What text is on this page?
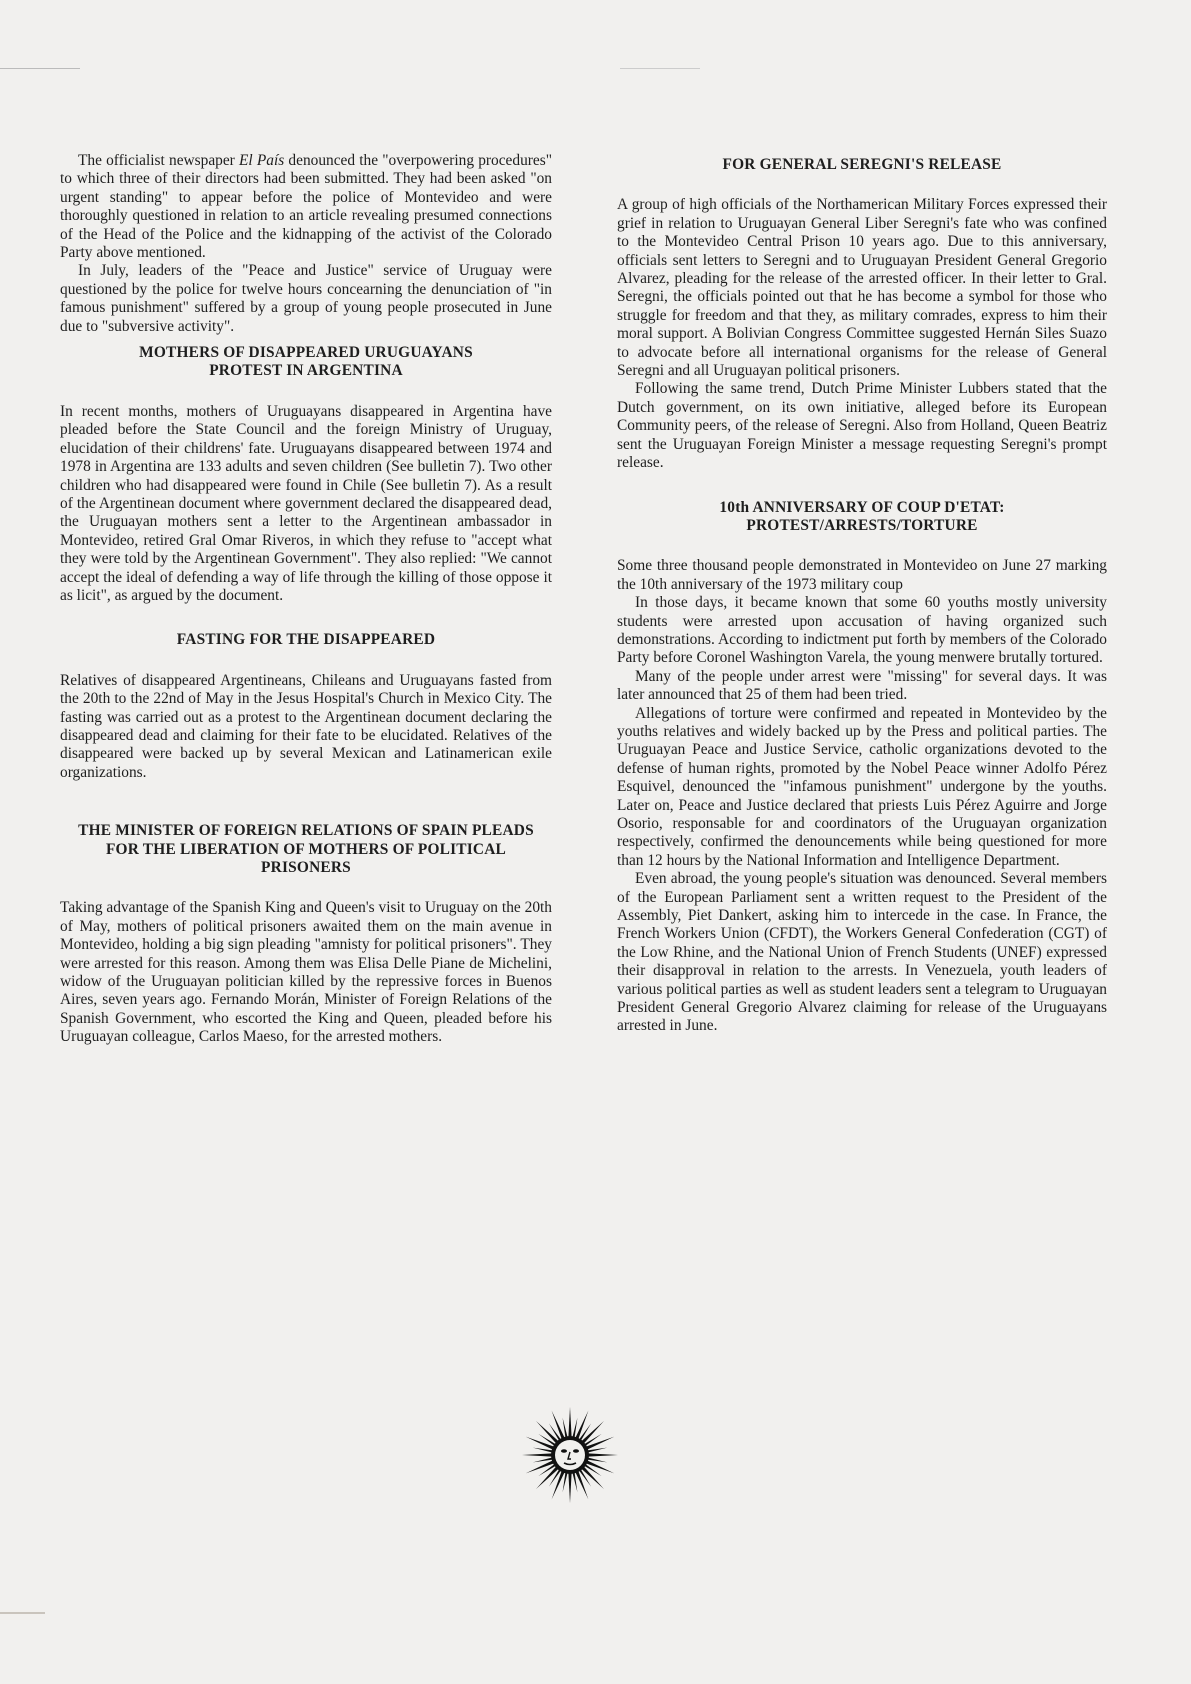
The officialist newspaper El País denounced the "overpowering procedures" to which three of their directors had been submitted. They had been asked "on urgent standing" to appear before the police of Montevideo and were thoroughly questioned in relation to an article revealing presumed connections of the Head of the Police and the kidnapping of the activist of the Colorado Party above mentioned.

In July, leaders of the "Peace and Justice" service of Uruguay were questioned by the police for twelve hours concearning the denunciation of "in famous punishment" suffered by a group of young people prosecuted in June due to "subversive activity".

MOTHERS OF DISAPPEARED URUGUAYANS PROTEST IN ARGENTINA

In recent months, mothers of Uruguayans disappeared in Argentina have pleaded before the State Council and the foreign Ministry of Uruguay, elucidation of their childrens' fate. Uruguayans disappeared between 1974 and 1978 in Argentina are 133 adults and seven children (See bulletin 7). Two other children who had disappeared were found in Chile (See bulletin 7). As a result of the Argentinean document where government declared the disappeared dead, the Uruguayan mothers sent a letter to the Argentinean ambassador in Montevideo, retired Gral Omar Riveros, in which they refuse to "accept what they were told by the Argentinean Government". They also replied: "We cannot accept the ideal of defending a way of life through the killing of those oppose it as licit", as argued by the document.

FASTING FOR THE DISAPPEARED

Relatives of disappeared Argentineans, Chileans and Uruguayans fasted from the 20th to the 22nd of May in the Jesus Hospital's Church in Mexico City. The fasting was carried out as a protest to the Argentinean document declaring the disappeared dead and claiming for their fate to be elucidated. Relatives of the disappeared were backed up by several Mexican and Latinamerican exile organizations.

THE MINISTER OF FOREIGN RELATIONS OF SPAIN PLEADS FOR THE LIBERATION OF MOTHERS OF POLITICAL PRISONERS

Taking advantage of the Spanish King and Queen's visit to Uruguay on the 20th of May, mothers of political prisoners awaited them on the main avenue in Montevideo, holding a big sign pleading "amnisty for political prisoners". They were arrested for this reason. Among them was Elisa Delle Piane de Michelini, widow of the Uruguayan politician killed by the repressive forces in Buenos Aires, seven years ago. Fernando Morán, Minister of Foreign Relations of the Spanish Government, who escorted the King and Queen, pleaded before his Uruguayan colleague, Carlos Maeso, for the arrested mothers.

FOR GENERAL SEREGNI'S RELEASE

A group of high officials of the Northamerican Military Forces expressed their grief in relation to Uruguayan General Liber Seregni's fate who was confined to the Montevideo Central Prison 10 years ago. Due to this anniversary, officials sent letters to Seregni and to Uruguayan President General Gregorio Alvarez, pleading for the release of the arrested officer. In their letter to Gral. Seregni, the officials pointed out that he has become a symbol for those who struggle for freedom and that they, as military comrades, express to him their moral support. A Bolivian Congress Committee suggested Hernán Siles Suazo to advocate before all international organisms for the release of General Seregni and all Uruguayan political prisoners.

Following the same trend, Dutch Prime Minister Lubbers stated that the Dutch government, on its own initiative, alleged before its European Community peers, of the release of Seregni. Also from Holland, Queen Beatriz sent the Uruguayan Foreign Minister a message requesting Seregni's prompt release.

10th ANNIVERSARY OF COUP D'ETAT:
PROTEST/ARRESTS/TORTURE

Some three thousand people demonstrated in Montevideo on June 27 marking the 10th anniversary of the 1973 military coup

In those days, it became known that some 60 youths mostly university students were arrested upon accusation of having organized such demonstrations. According to indictment put forth by members of the Colorado Party before Coronel Washington Varela, the young menwere brutally tortured.

Many of the people under arrest were "missing" for several days. It was later announced that 25 of them had been tried.

Allegations of torture were confirmed and repeated in Montevideo by the youths relatives and widely backed up by the Press and political parties. The Uruguayan Peace and Justice Service, catholic organizations devoted to the defense of human rights, promoted by the Nobel Peace winner Adolfo Pérez Esquivel, denounced the "infamous punishment" undergone by the youths. Later on, Peace and Justice declared that priests Luis Pérez Aguirre and Jorge Osorio, responsable for and coordinators of the Uruguayan organization respectively, confirmed the denouncements while being questioned for more than 12 hours by the National Information and Intelligence Department.

Even abroad, the young people's situation was denounced. Several members of the European Parliament sent a written request to the President of the Assembly, Piet Dankert, asking him to intercede in the case. In France, the French Workers Union (CFDT), the Workers General Confederation (CGT) of the Low Rhine, and the National Union of French Students (UNEF) expressed their disapproval in relation to the arrests. In Venezuela, youth leaders of various political parties as well as student leaders sent a telegram to Uruguayan President General Gregorio Alvarez claiming for release of the Uruguayans arrested in June.
